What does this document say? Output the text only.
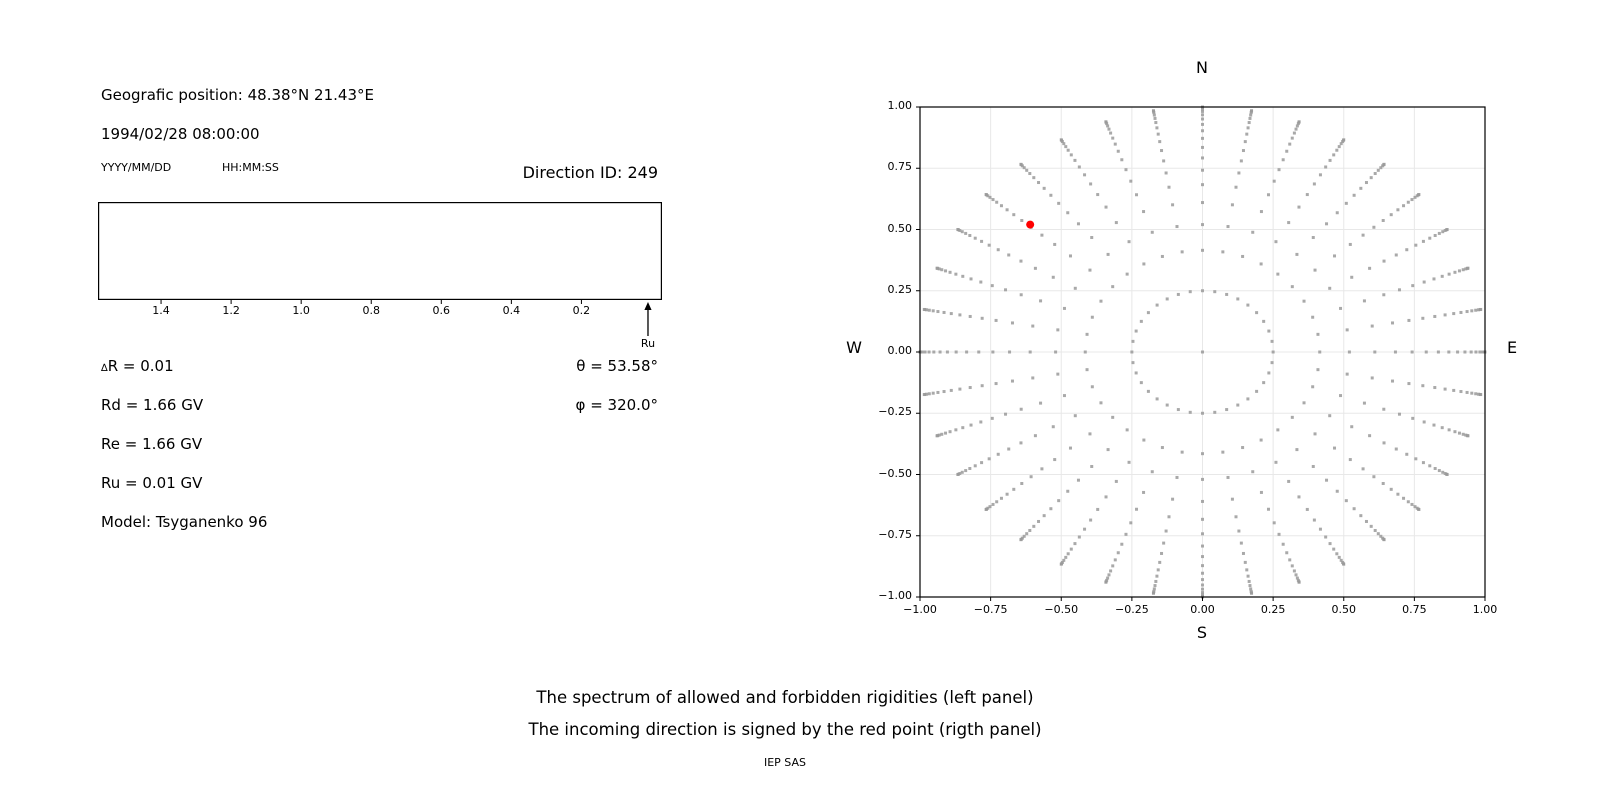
Geografic position: 48.38°N 21.43°E
1994/02/28 08:00:00
YYYY/MM/DD	HH:MM:SS	Direction ID: 249
∆R = 0.01
Rd = 1.66 GV
Re = 1.66 GV
Ru = 0.01 GV
Model: Tsyganenko 96
θ = 53.58°
φ = 320.0°
N
S
W	E
The spectrum of allowed and forbidden rigidities (left panel)
The incoming direction is signed by the red point (rigth panel)
IEP SAS
1.4	1.2	1.0	0.8	0.6	0.4	0.2
Ru
−1.00	−0.75	−0.50	−0.25	0.00	0.25	0.50	0.75	1.00
1.00
0.75
0.50
0.25
0.00
−0.25
−0.50
−0.75
−1.00
